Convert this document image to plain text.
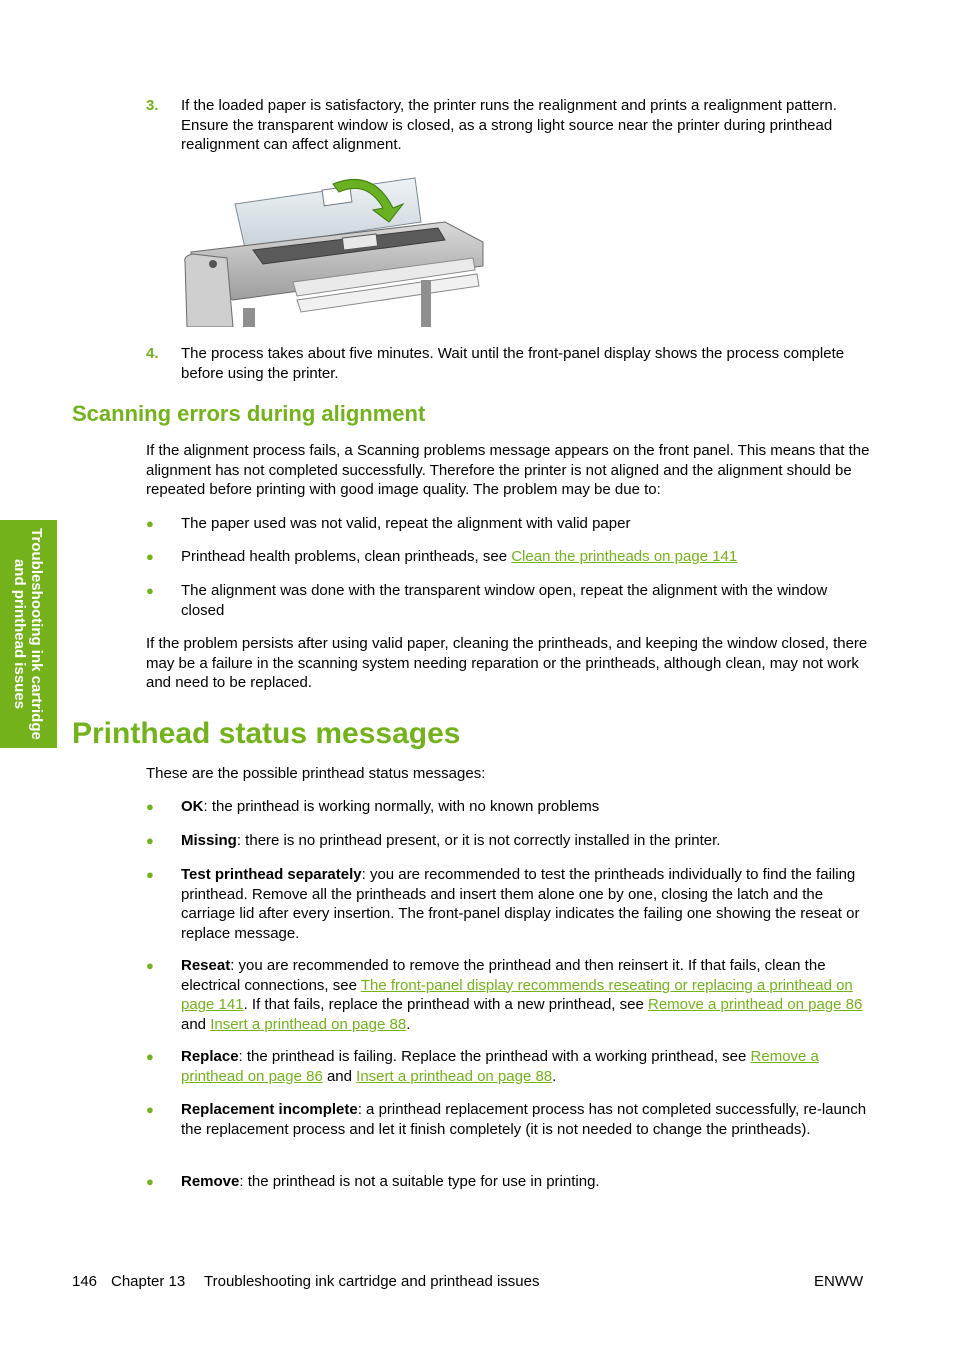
3. If the loaded paper is satisfactory, the printer runs the realignment and prints a realignment pattern. Ensure the transparent window is closed, as a strong light source near the printer during printhead realignment can affect alignment.
4. The process takes about five minutes. Wait until the front-panel display shows the process complete before using the printer.
Scanning errors during alignment
If the alignment process fails, a Scanning problems message appears on the front panel. This means that the alignment has not completed successfully. Therefore the printer is not aligned and the alignment should be repeated before printing with good image quality. The problem may be due to:
● The paper used was not valid, repeat the alignment with valid paper
● Printhead health problems, clean printheads, see Clean the printheads on page 141
● The alignment was done with the transparent window open, repeat the alignment with the window closed
If the problem persists after using valid paper, cleaning the printheads, and keeping the window closed, there may be a failure in the scanning system needing reparation or the printheads, although clean, may not work and need to be replaced.
Printhead status messages
These are the possible printhead status messages:
● OK: the printhead is working normally, with no known problems
● Missing: there is no printhead present, or it is not correctly installed in the printer.
● Test printhead separately: you are recommended to test the printheads individually to find the failing printhead. Remove all the printheads and insert them alone one by one, closing the latch and the carriage lid after every insertion. The front-panel display indicates the failing one showing the reseat or replace message.
● Reseat: you are recommended to remove the printhead and then reinsert it. If that fails, clean the electrical connections, see The front-panel display recommends reseating or replacing a printhead on page 141. If that fails, replace the printhead with a new printhead, see Remove a printhead on page 86 and Insert a printhead on page 88.
● Replace: the printhead is failing. Replace the printhead with a working printhead, see Remove a printhead on page 86 and Insert a printhead on page 88.
● Replacement incomplete: a printhead replacement process has not completed successfully, re-launch the replacement process and let it finish completely (it is not needed to change the printheads).
● Remove: the printhead is not a suitable type for use in printing.
Troubleshooting ink cartridge and printhead issues
146 Chapter 13 Troubleshooting ink cartridge and printhead issues	ENWW
